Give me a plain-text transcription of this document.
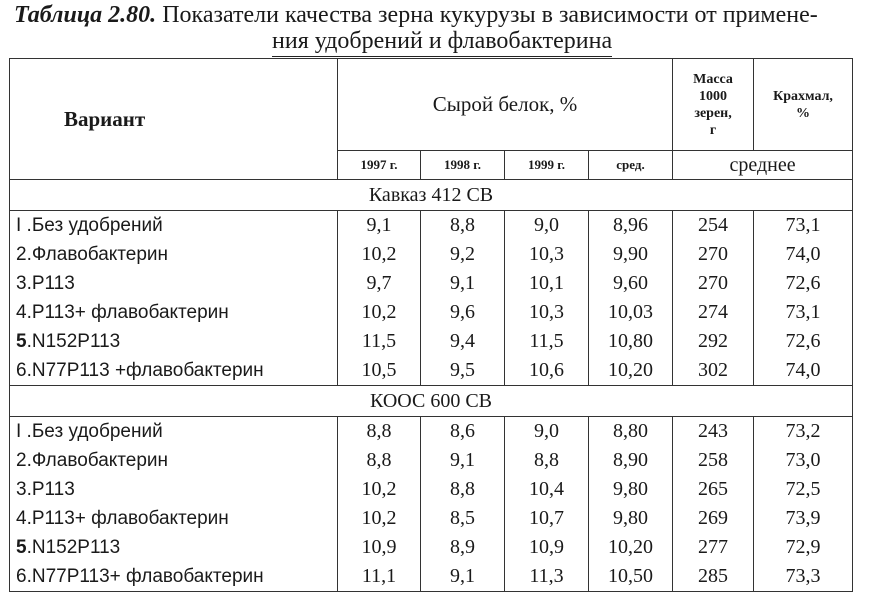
Таблица 2.80. Показатели качества зерна кукурузы в зависимости от примене-
ния удобрений и флавобактерина
Вариант	Сырой белок, %				Масса
1000
зерен,
г	Крахмал,
%
	1997 г.	1998 г.	1999 г.	сред.	среднее	
Кавказ 412 СВ						
I .Без удобрений	9,1	8,8	9,0	8,96	254	73,1
2.Флавобактерин	10,2	9,2	10,3	9,90	270	74,0
3.P113	9,7	9,1	10,1	9,60	270	72,6
4.P113+ флавобактерин	10,2	9,6	10,3	10,03	274	73,1
5.N152P113	11,5	9,4	11,5	10,80	292	72,6
6.N77P113 +флавобактерин	10,5	9,5	10,6	10,20	302	74,0
КООС 600 СВ						
I .Без удобрений	8,8	8,6	9,0	8,80	243	73,2
2.Флавобактерин	8,8	9,1	8,8	8,90	258	73,0
3.P113	10,2	8,8	10,4	9,80	265	72,5
4.P113+ флавобактерин	10,2	8,5	10,7	9,80	269	73,9
5.N152P113	10,9	8,9	10,9	10,20	277	72,9
6.N77P113+ флавобактерин	11,1	9,1	11,3	10,50	285	73,3
